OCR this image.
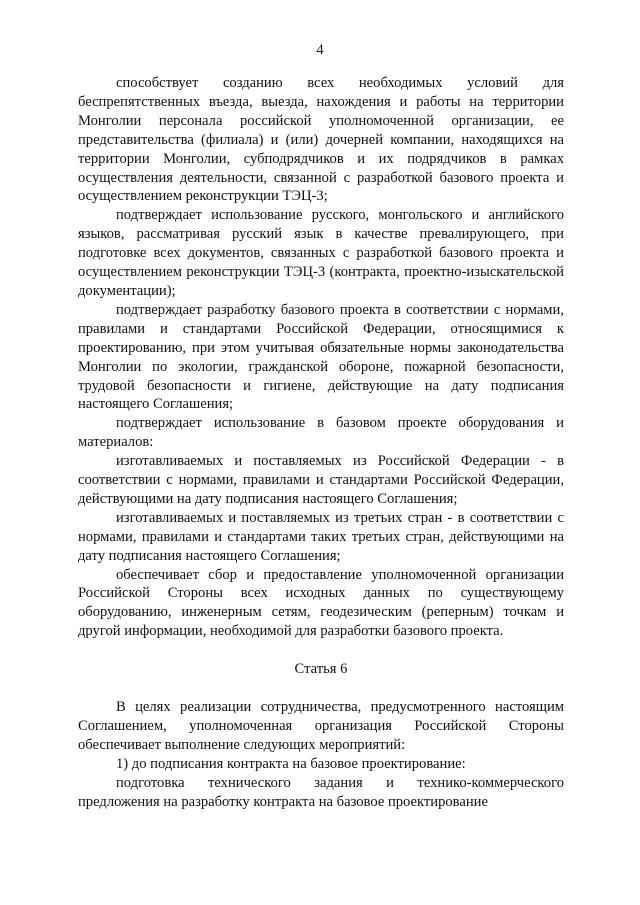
4

способствует созданию всех необходимых условий для беспрепятственных въезда, выезда, нахождения и работы на территории Монголии персонала российской уполномоченной организации, ее представительства (филиала) и (или) дочерней компании, находящихся на территории Монголии, субподрядчиков и их подрядчиков в рамках осуществления деятельности, связанной с разработкой базового проекта и осуществлением реконструкции ТЭЦ-3;

подтверждает использование русского, монгольского и английского языков, рассматривая русский язык в качестве превалирующего, при подготовке всех документов, связанных с разработкой базового проекта и осуществлением реконструкции ТЭЦ-3 (контракта, проектно-изыскательской документации);

подтверждает разработку базового проекта в соответствии с нормами, правилами и стандартами Российской Федерации, относящимися к проектированию, при этом учитывая обязательные нормы законодательства Монголии по экологии, гражданской обороне, пожарной безопасности, трудовой безопасности и гигиене, действующие на дату подписания настоящего Соглашения;

подтверждает использование в базовом проекте оборудования и материалов:

изготавливаемых и поставляемых из Российской Федерации - в соответствии с нормами, правилами и стандартами Российской Федерации, действующими на дату подписания настоящего Соглашения;

изготавливаемых и поставляемых из третьих стран - в соответствии с нормами, правилами и стандартами таких третьих стран, действующими на дату подписания настоящего Соглашения;

обеспечивает сбор и предоставление уполномоченной организации Российской Стороны всех исходных данных по существующему оборудованию, инженерным сетям, геодезическим (реперным) точкам и другой информации, необходимой для разработки базового проекта.

Статья 6

В целях реализации сотрудничества, предусмотренного настоящим Соглашением, уполномоченная организация Российской Стороны обеспечивает выполнение следующих мероприятий:

1) до подписания контракта на базовое проектирование:

подготовка технического задания и технико-коммерческого предложения на разработку контракта на базовое проектирование
